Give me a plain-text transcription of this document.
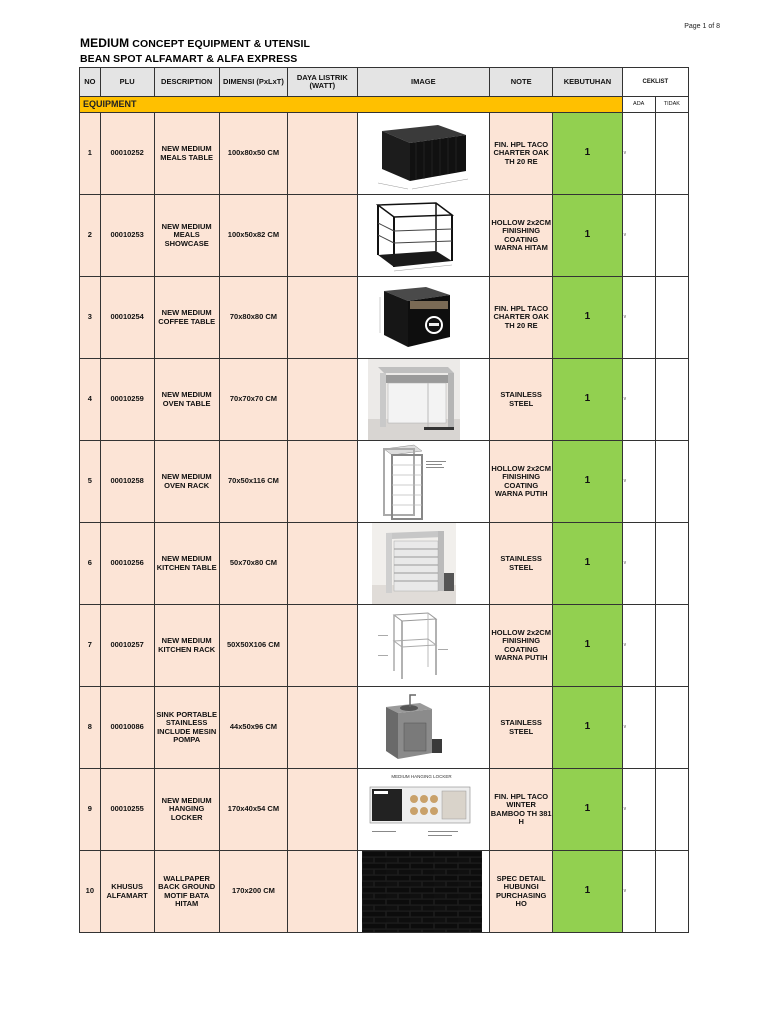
Page 1 of 8
MEDIUM CONCEPT EQUIPMENT & UTENSIL
BEAN SPOT ALFAMART & ALFA EXPRESS
NO	PLU	DESCRIPTION	DIMENSI (PxLxT)	DAYA LISTRIK (WATT)	IMAGE	NOTE	KEBUTUHAN	CEKLIST	
EQUIPMENT								ADA	TIDAK
1	00010252	NEW MEDIUM MEALS TABLE	100x80x50 CM			FIN. HPL TACO CHARTER OAK TH 20 RE	1	v	
2	00010253	NEW MEDIUM MEALS SHOWCASE	100x50x82 CM			HOLLOW 2x2CM FINISHING COATING WARNA HITAM	1	v	
3	00010254	NEW MEDIUM COFFEE TABLE	70x80x80 CM			FIN. HPL TACO CHARTER OAK TH 20 RE	1	v	
4	00010259	NEW MEDIUM OVEN TABLE	70x70x70 CM			STAINLESS STEEL	1	v	
5	00010258	NEW MEDIUM OVEN RACK	70x50x116 CM			HOLLOW 2x2CM FINISHING COATING WARNA PUTIH	1	v	
6	00010256	NEW MEDIUM KITCHEN TABLE	50x70x80 CM			STAINLESS STEEL	1	v	
7	00010257	NEW MEDIUM KITCHEN RACK	50X50X106 CM			HOLLOW 2x2CM FINISHING COATING WARNA PUTIH	1	v	
8	00010086	SINK PORTABLE STAINLESS INCLUDE MESIN POMPA	44x50x96 CM			STAINLESS STEEL	1	v	
9	00010255	NEW MEDIUM HANGING LOCKER	170x40x54 CM		MEDIUM HANGING LOCKER	FIN. HPL TACO WINTER BAMBOO TH 381 H	1	v	
10	KHUSUS ALFAMART	WALLPAPER BACK GROUND MOTIF BATA HITAM	170x200 CM			SPEC DETAIL HUBUNGI PURCHASING HO	1	v	
